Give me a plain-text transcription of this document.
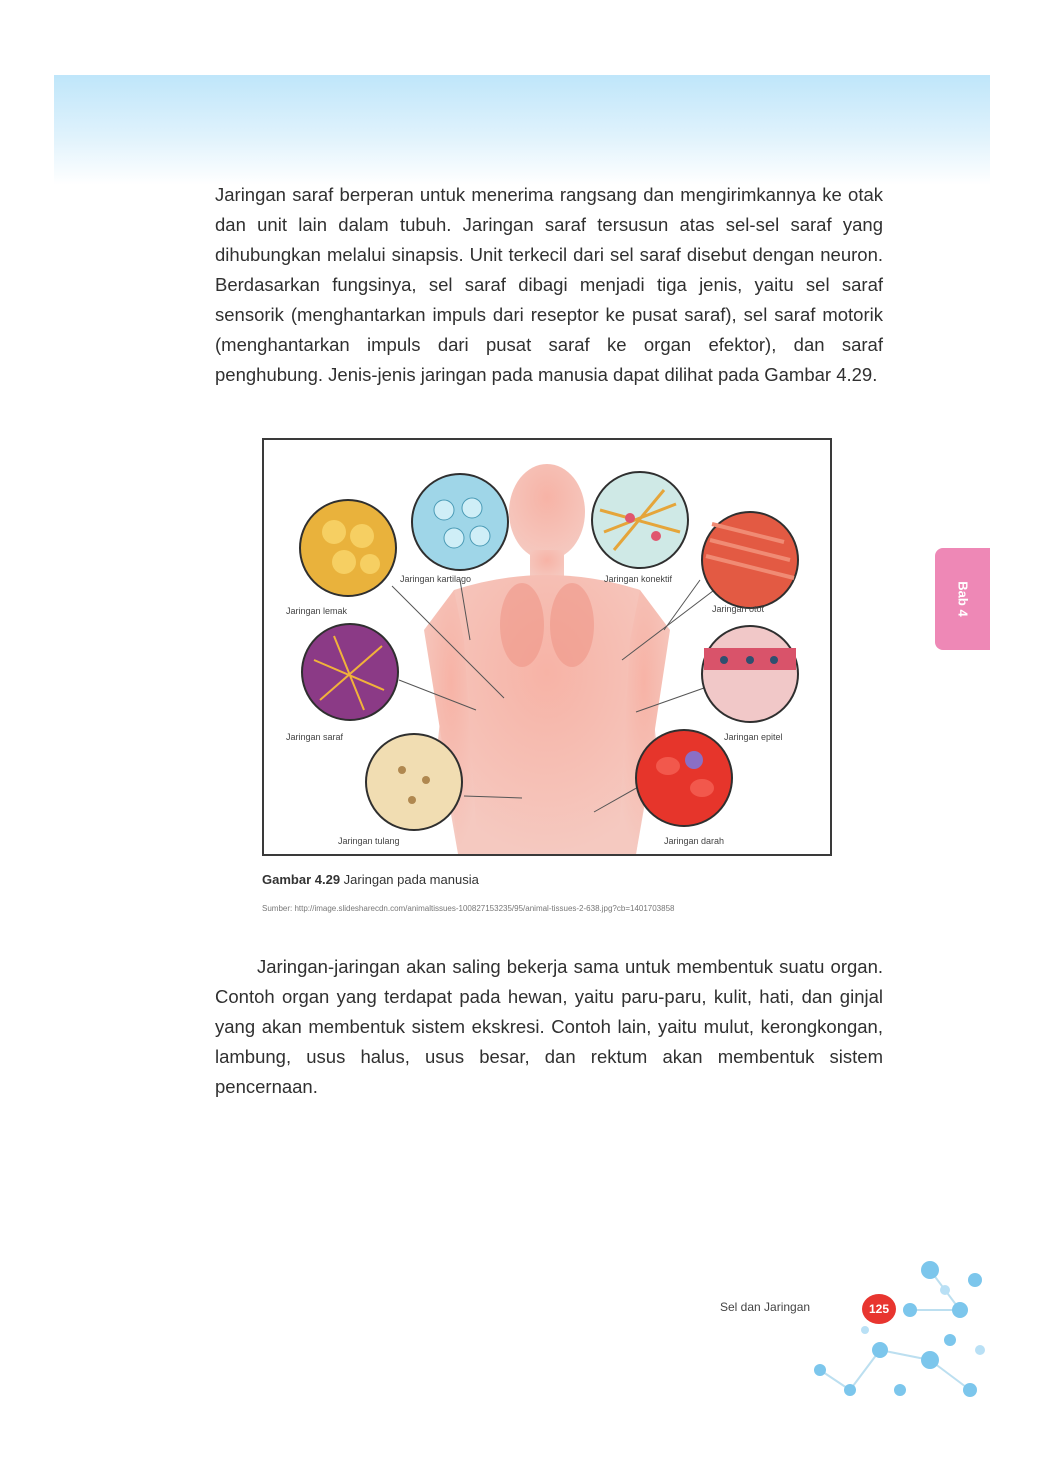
Jaringan saraf berperan untuk menerima rangsang dan mengirimkannya ke otak dan unit lain dalam tubuh. Jaringan saraf tersusun atas sel-sel saraf yang dihubungkan melalui sinapsis. Unit terkecil dari sel saraf disebut dengan neuron. Berdasarkan fungsinya, sel saraf dibagi menjadi tiga jenis, yaitu sel saraf sensorik (menghantarkan impuls dari reseptor ke pusat saraf), sel saraf motorik (menghantarkan impuls dari pusat saraf ke organ efektor), dan saraf penghubung. Jenis-jenis jaringan pada manusia dapat dilihat pada Gambar 4.29.

Jaringan kartilago	Jaringan konektif
Jaringan lemak	Jaringan otot
Jaringan saraf	Jaringan epitel
Jaringan tulang	Jaringan darah
Gambar 4.29 Jaringan pada manusia
Sumber: http://image.slidesharecdn.com/animaltissues-100827153235/95/animal-tissues-2-638.jpg?cb=1401703858

Jaringan-jaringan akan saling bekerja sama untuk membentuk suatu organ. Contoh organ yang terdapat pada hewan, yaitu paru-paru, kulit, hati, dan ginjal yang akan membentuk sistem ekskresi. Contoh lain, yaitu mulut, kerongkongan, lambung, usus halus, usus besar, dan rektum akan membentuk sistem pencernaan.

Bab 4
Sel dan Jaringan	125
